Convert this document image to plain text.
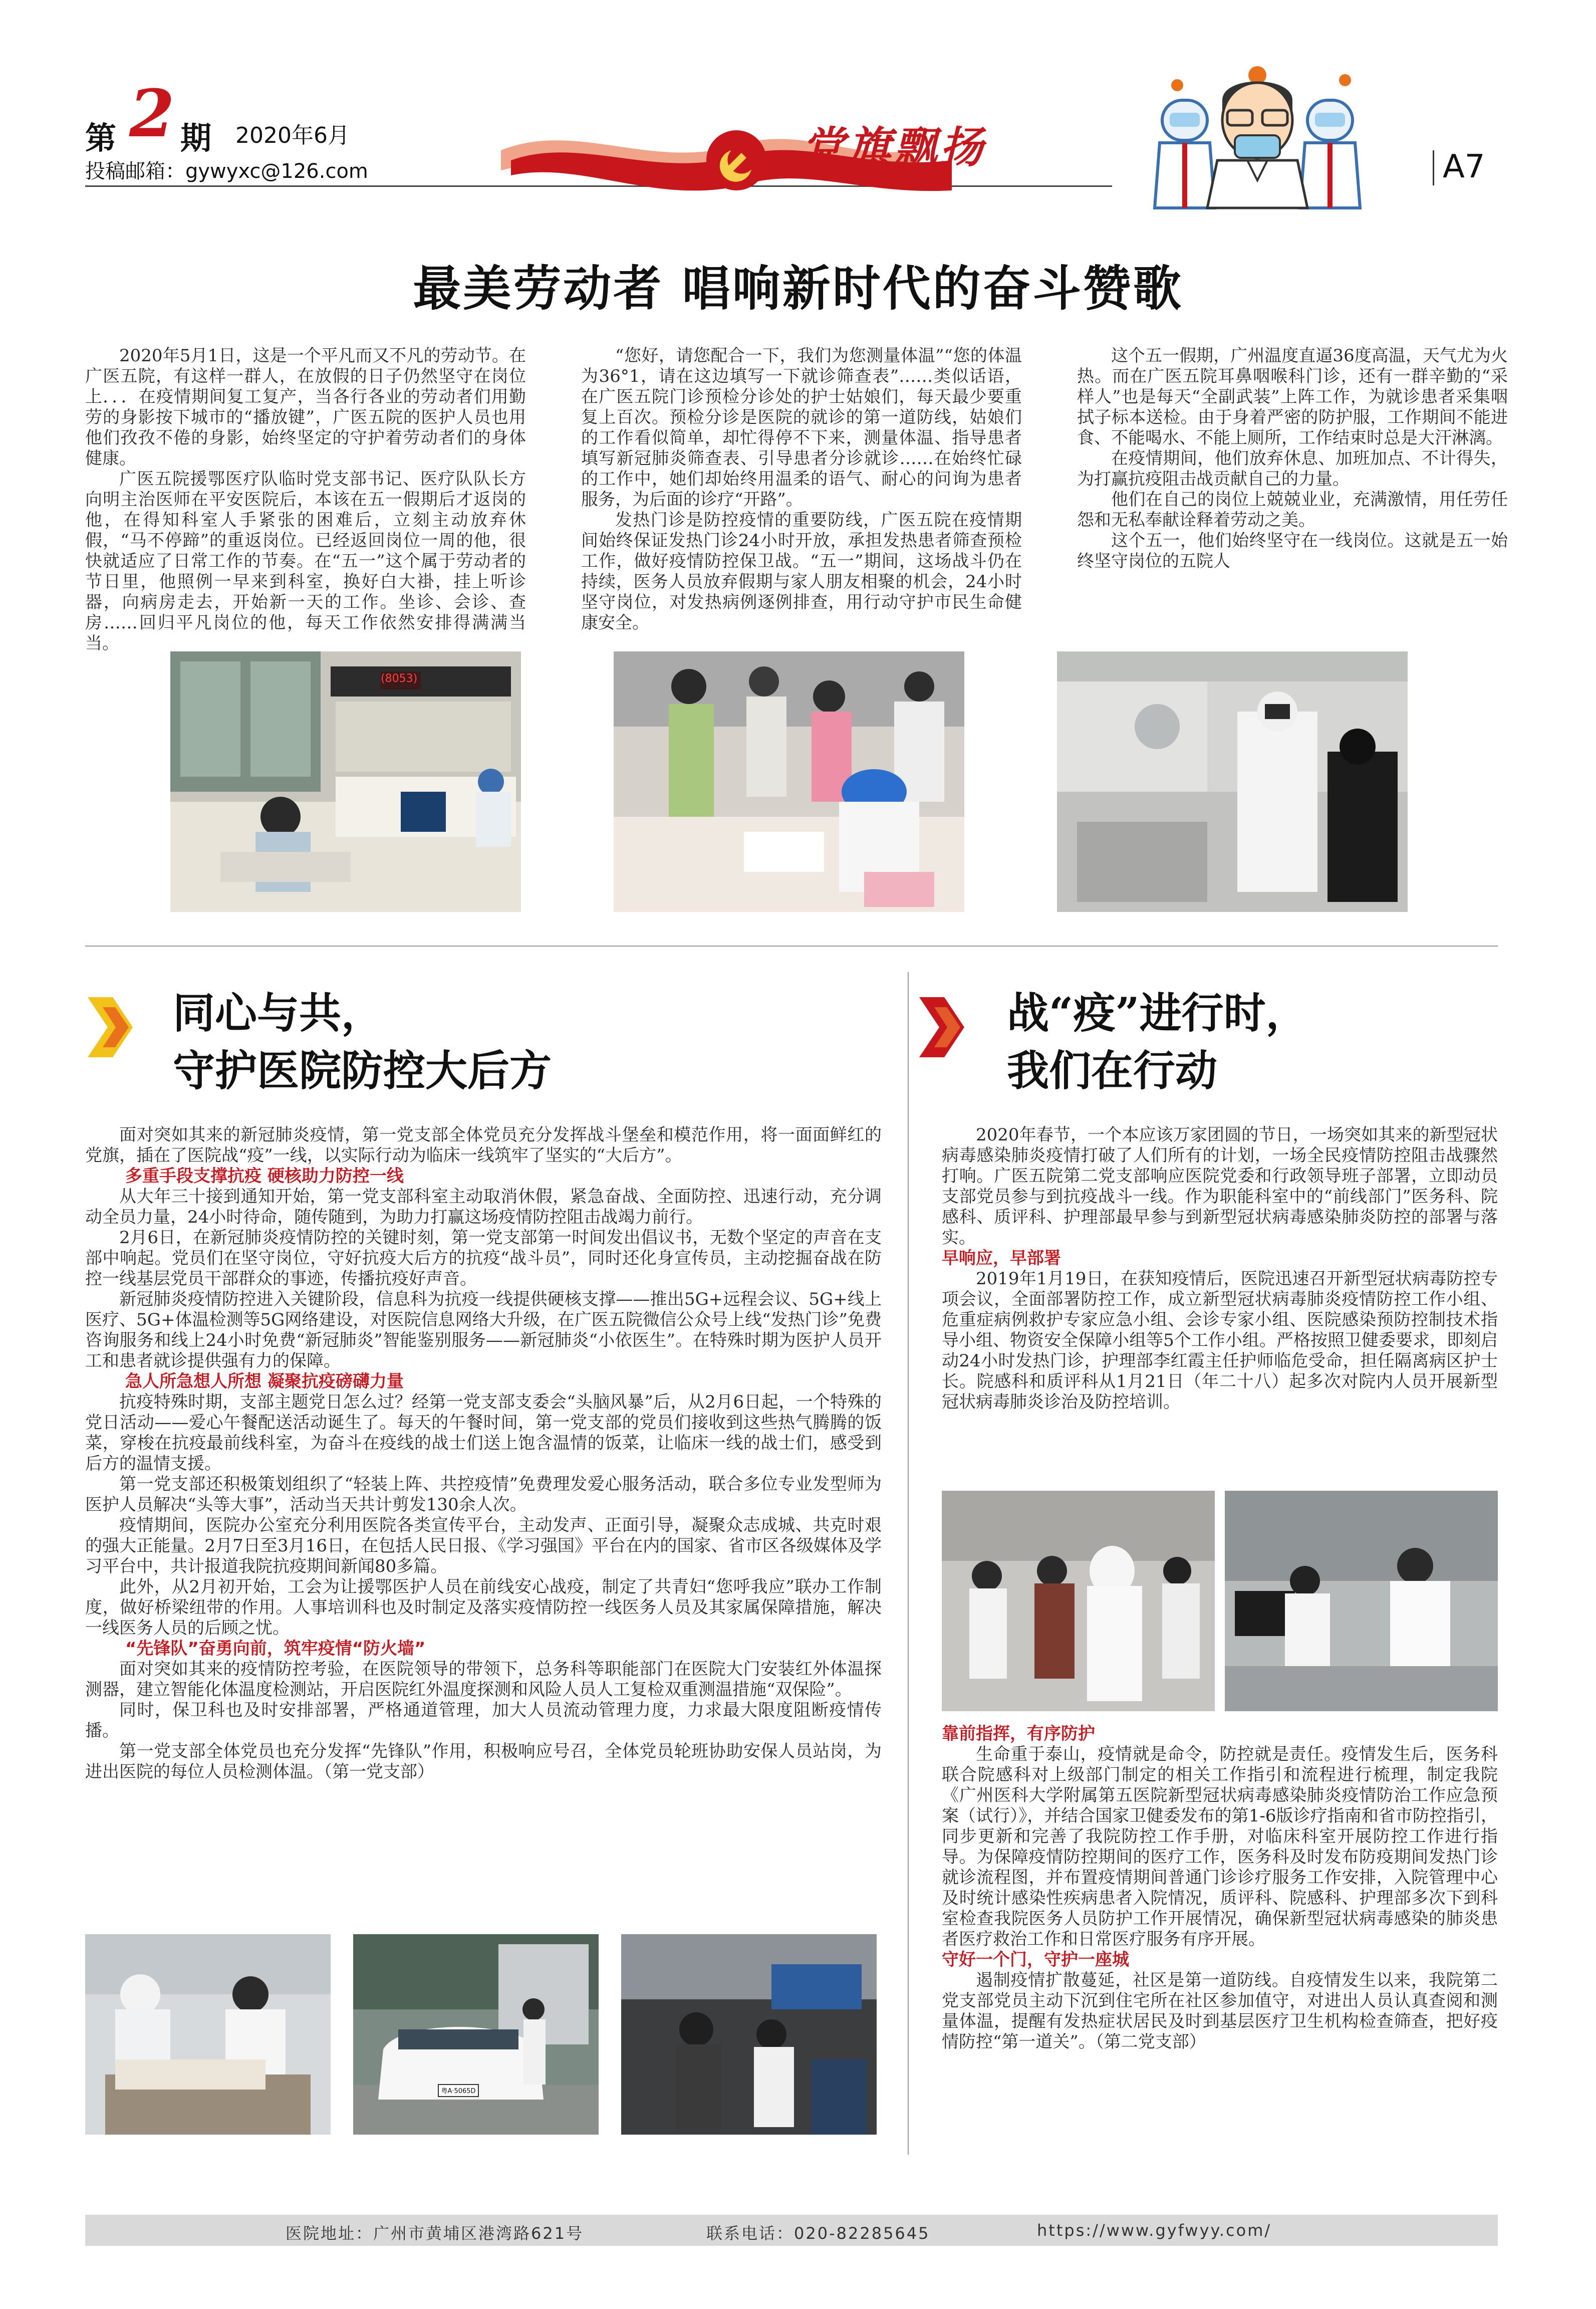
第 2 期 2020年6月
投稿邮箱：gywyxc@126.com	党旗飘扬	A7
最美劳动者 唱响新时代的奋斗赞歌

2020年5月1日，这是一个平凡而又不凡的劳动节。在广医五院，有这样一群人，在放假的日子仍然坚守在岗位上．．．在疫情期间复工复产，当各行各业的劳动者们用勤劳的身影按下城市的“播放键”，广医五院的医护人员也用他们孜孜不倦的身影，始终坚定的守护着劳动者们的身体健康。

广医五院援鄂医疗队临时党支部书记、医疗队队长方向明主治医师在平安医院后，本该在五一假期后才返岗的他，在得知科室人手紧张的困难后，立刻主动放弃休假，“马不停蹄”的重返岗位。已经返回岗位一周的他，很快就适应了日常工作的节奏。在“五一”这个属于劳动者的节日里，他照例一早来到科室，换好白大褂，挂上听诊器，向病房走去，开始新一天的工作。坐诊、会诊、查房……回归平凡岗位的他，每天工作依然安排得满满当当。

“您好，请您配合一下，我们为您测量体温”“您的体温为36°1，请在这边填写一下就诊筛查表”……类似话语，在广医五院门诊预检分诊处的护士姑娘们，每天最少要重复上百次。预检分诊是医院的就诊的第一道防线，姑娘们的工作看似简单，却忙得停不下来，测量体温、指导患者填写新冠肺炎筛查表、引导患者分诊就诊……在始终忙碌的工作中，她们却始终用温柔的语气、耐心的问询为患者服务，为后面的诊疗“开路”。

发热门诊是防控疫情的重要防线，广医五院在疫情期间始终保证发热门诊24小时开放，承担发热患者筛查预检工作，做好疫情防控保卫战。“五一”期间，这场战斗仍在持续，医务人员放弃假期与家人朋友相聚的机会，24小时坚守岗位，对发热病例逐例排查，用行动守护市民生命健康安全。

这个五一假期，广州温度直逼36度高温，天气尤为火热。而在广医五院耳鼻咽喉科门诊，还有一群辛勤的“采样人”也是每天“全副武装”上阵工作，为就诊患者采集咽拭子标本送检。由于身着严密的防护服，工作期间不能进食、不能喝水、不能上厕所，工作结束时总是大汗淋漓。

在疫情期间，他们放弃休息、加班加点、不计得失，为打赢抗疫阻击战贡献自己的力量。

他们在自己的岗位上兢兢业业，充满激情，用任劳任怨和无私奉献诠释着劳动之美。

这个五一，他们始终坚守在一线岗位。这就是五一始终坚守岗位的五院人

(8053)
同心与共，
守护医院防控大后方

面对突如其来的新冠肺炎疫情，第一党支部全体党员充分发挥战斗堡垒和模范作用，将一面面鲜红的党旗，插在了医院战“疫”一线，以实际行动为临床一线筑牢了坚实的“大后方”。

多重手段支撑抗疫 硬核助力防控一线

从大年三十接到通知开始，第一党支部科室主动取消休假，紧急奋战、全面防控、迅速行动，充分调动全员力量，24小时待命，随传随到，为助力打赢这场疫情防控阻击战竭力前行。

2月6日，在新冠肺炎疫情防控的关键时刻，第一党支部第一时间发出倡议书，无数个坚定的声音在支部中响起。党员们在坚守岗位，守好抗疫大后方的抗疫“战斗员”，同时还化身宣传员，主动挖掘奋战在防控一线基层党员干部群众的事迹，传播抗疫好声音。

新冠肺炎疫情防控进入关键阶段，信息科为抗疫一线提供硬核支撑——推出5G+远程会议、5G+线上医疗、5G+体温检测等5G网络建设，对医院信息网络大升级，在广医五院微信公众号上线“发热门诊”免费咨询服务和线上24小时免费“新冠肺炎”智能鉴别服务——新冠肺炎“小依医生”。在特殊时期为医护人员开工和患者就诊提供强有力的保障。

急人所急想人所想 凝聚抗疫磅礴力量

抗疫特殊时期，支部主题党日怎么过？经第一党支部支委会“头脑风暴”后，从2月6日起，一个特殊的党日活动——爱心午餐配送活动诞生了。每天的午餐时间，第一党支部的党员们接收到这些热气腾腾的饭菜，穿梭在抗疫最前线科室，为奋斗在疫线的战士们送上饱含温情的饭菜，让临床一线的战士们，感受到后方的温情支援。

第一党支部还积极策划组织了“轻装上阵、共控疫情”免费理发爱心服务活动，联合多位专业发型师为医护人员解决“头等大事”，活动当天共计剪发130余人次。

疫情期间，医院办公室充分利用医院各类宣传平台，主动发声、正面引导，凝聚众志成城、共克时艰的强大正能量。2月7日至3月16日，在包括人民日报、《学习强国》平台在内的国家、省市区各级媒体及学习平台中，共计报道我院抗疫期间新闻80多篇。

此外，从2月初开始，工会为让援鄂医护人员在前线安心战疫，制定了共青妇“您呼我应”联办工作制度，做好桥梁纽带的作用。人事培训科也及时制定及落实疫情防控一线医务人员及其家属保障措施，解决一线医务人员的后顾之忧。

“先锋队”奋勇向前，筑牢疫情“防火墙”

面对突如其来的疫情防控考验，在医院领导的带领下，总务科等职能部门在医院大门安装红外体温探测器，建立智能化体温度检测站，开启医院红外温度探测和风险人员人工复检双重测温措施“双保险”。

同时，保卫科也及时安排部署，严格通道管理，加大人员流动管理力度，力求最大限度阻断疫情传播。

第一党支部全体党员也充分发挥“先锋队”作用，积极响应号召，全体党员轮班协助安保人员站岗，为进出医院的每位人员检测体温。（第一党支部）

粤A·5065D
战“疫”进行时，
我们在行动

2020年春节，一个本应该万家团圆的节日，一场突如其来的新型冠状病毒感染肺炎疫情打破了人们所有的计划，一场全民疫情防控阻击战骤然打响。广医五院第二党支部响应医院党委和行政领导班子部署，立即动员支部党员参与到抗疫战斗一线。作为职能科室中的“前线部门”医务科、院感科、质评科、护理部最早参与到新型冠状病毒感染肺炎防控的部署与落实。

早响应，早部署

2019年1月19日，在获知疫情后，医院迅速召开新型冠状病毒防控专项会议，全面部署防控工作，成立新型冠状病毒肺炎疫情防控工作小组、危重症病例救护专家应急小组、会诊专家小组、医院感染预防控制技术指导小组、物资安全保障小组等5个工作小组。严格按照卫健委要求，即刻启动24小时发热门诊，护理部李红霞主任护师临危受命，担任隔离病区护士长。院感科和质评科从1月21日（年二十八）起多次对院内人员开展新型冠状病毒肺炎诊治及防控培训。

靠前指挥，有序防护

生命重于泰山，疫情就是命令，防控就是责任。疫情发生后，医务科联合院感科对上级部门制定的相关工作指引和流程进行梳理，制定我院《广州医科大学附属第五医院新型冠状病毒感染肺炎疫情防治工作应急预案（试行）》，并结合国家卫健委发布的第1-6版诊疗指南和省市防控指引，同步更新和完善了我院防控工作手册，对临床科室开展防控工作进行指导。为保障疫情防控期间的医疗工作，医务科及时发布防疫期间发热门诊就诊流程图，并布置疫情期间普通门诊诊疗服务工作安排，入院管理中心及时统计感染性疾病患者入院情况，质评科、院感科、护理部多次下到科室检查我院医务人员防护工作开展情况，确保新型冠状病毒感染的肺炎患者医疗救治工作和日常医疗服务有序开展。

守好一个门，守护一座城

遏制疫情扩散蔓延，社区是第一道防线。自疫情发生以来，我院第二党支部党员主动下沉到住宅所在社区参加值守，对进出人员认真查阅和测量体温，提醒有发热症状居民及时到基层医疗卫生机构检查筛查，把好疫情防控“第一道关”。（第二党支部）

医院地址：广州市黄埔区港湾路621号	联系电话：020-82285645	https://www.gyfwyy.com/
